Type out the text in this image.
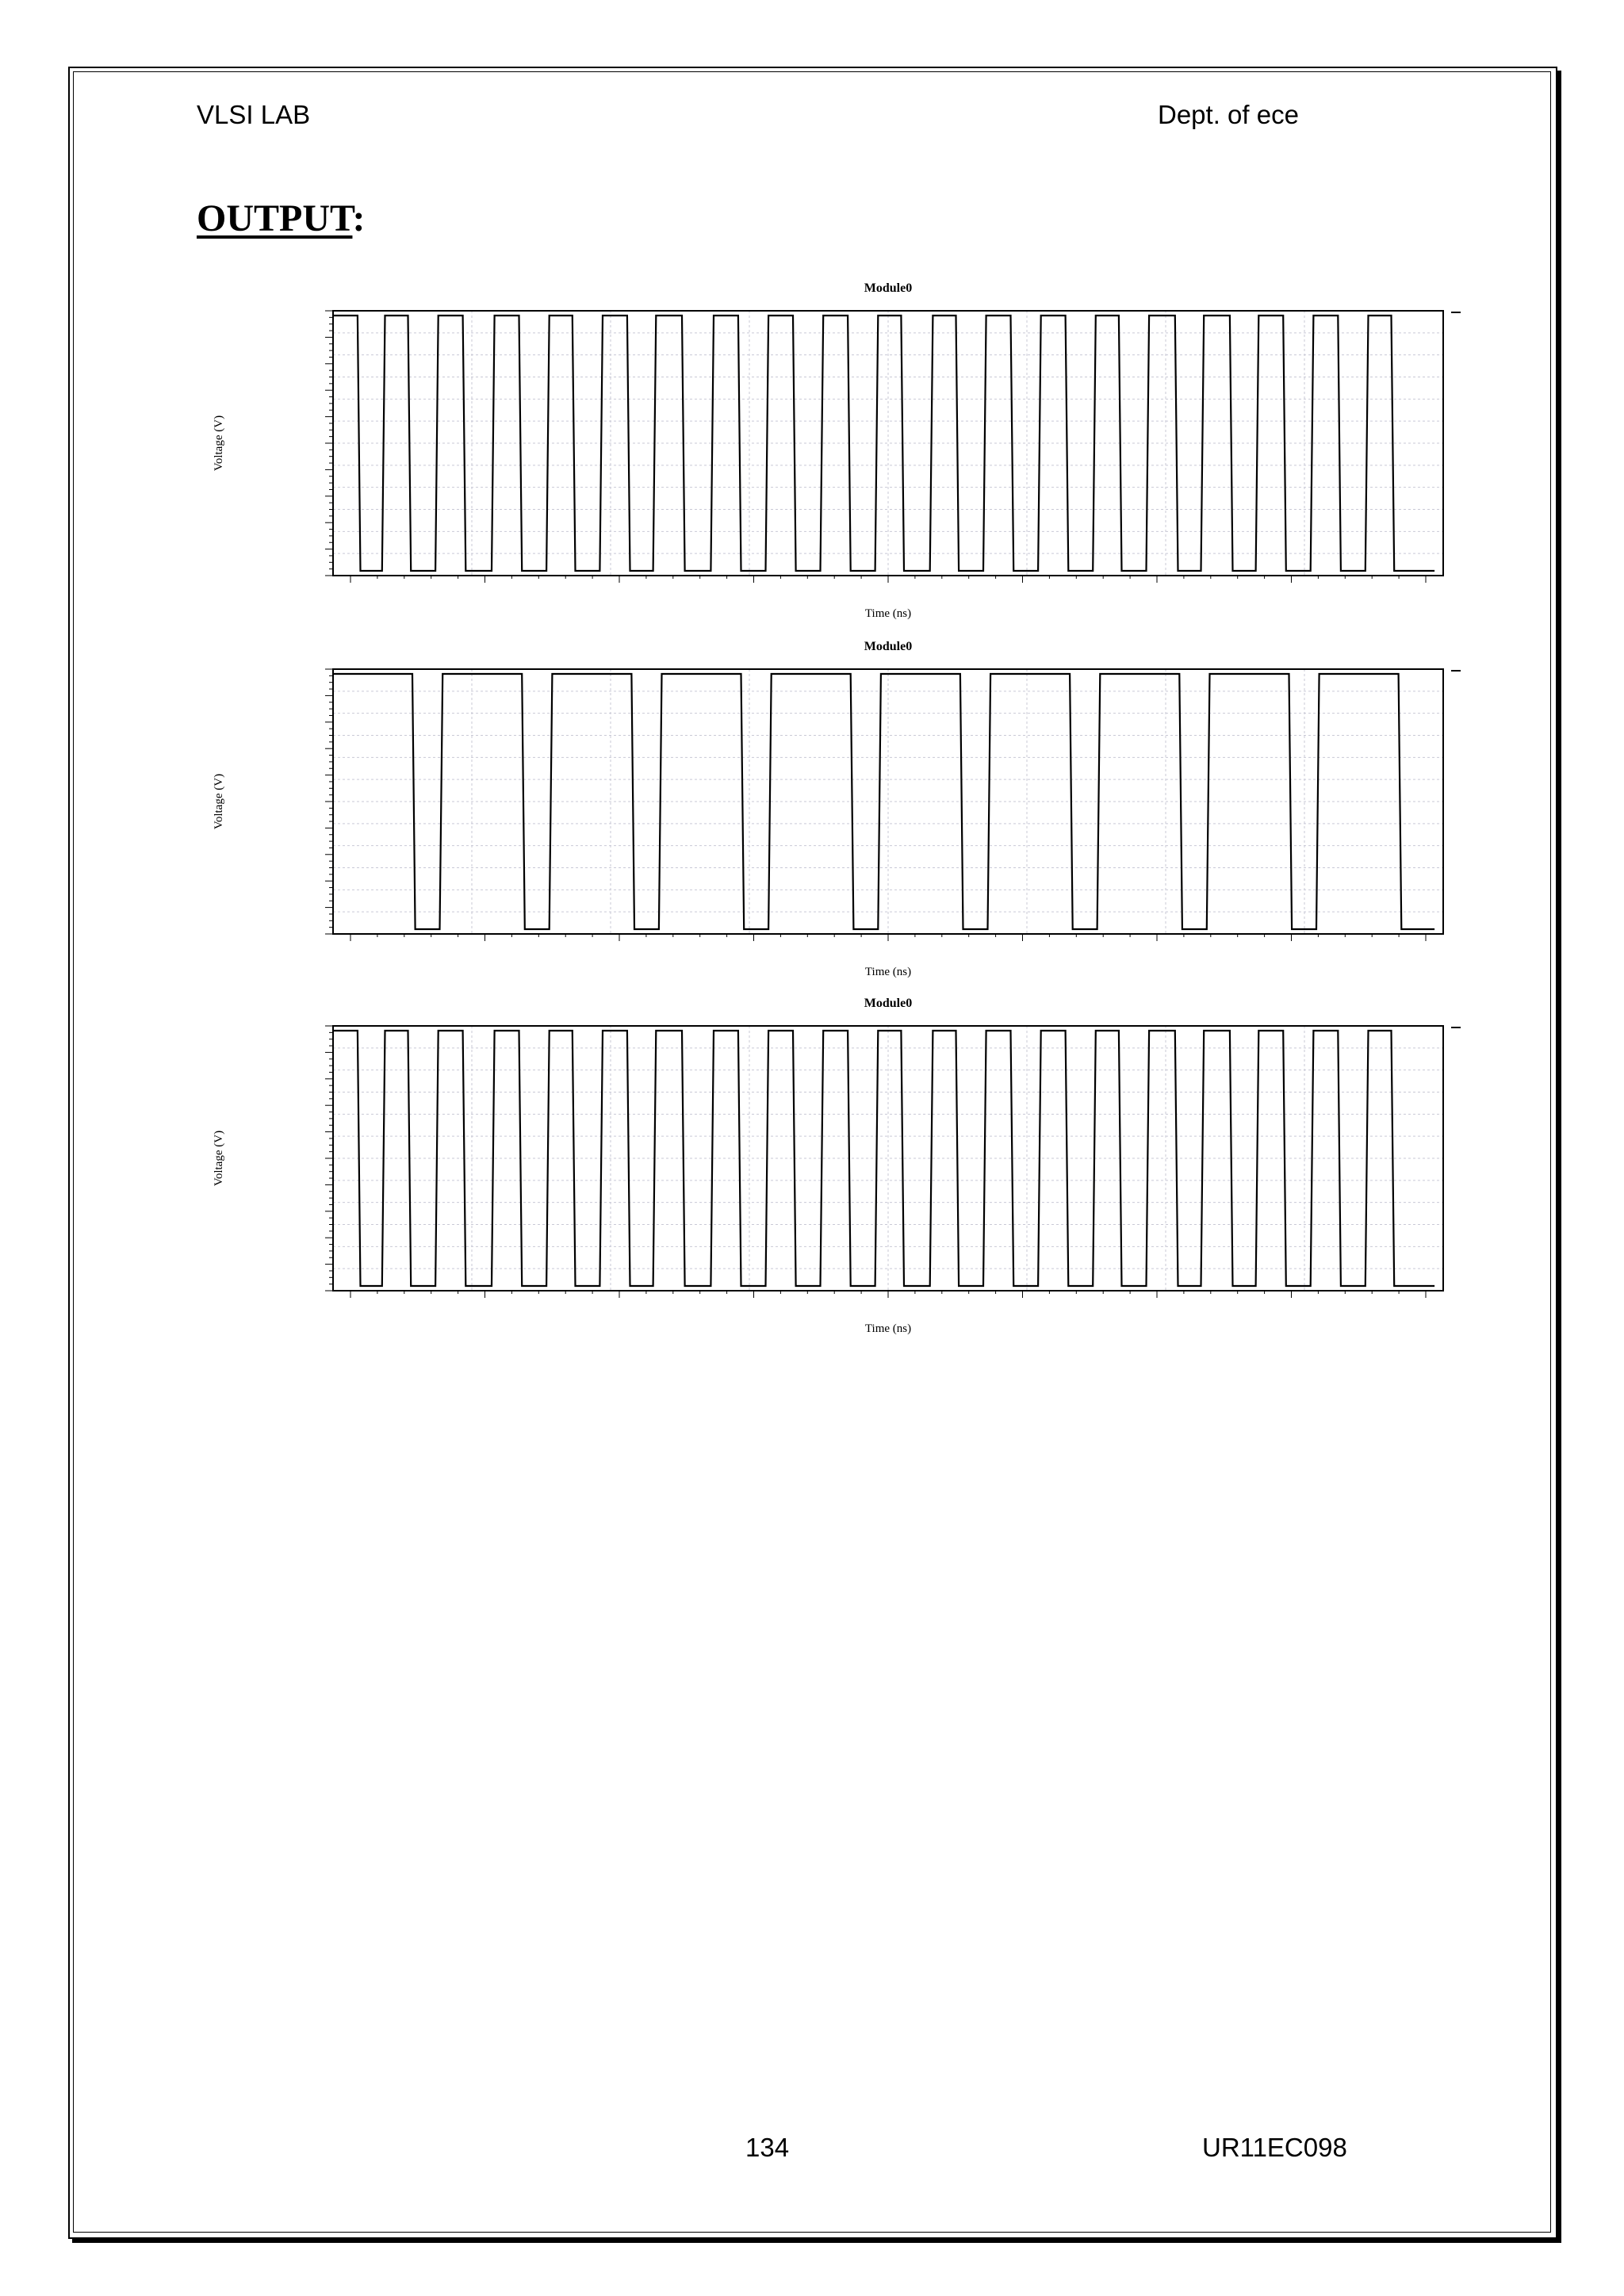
VLSI LAB	Dept. of ece
OUTPUT:
Module0
Time (ns)
Voltage (V)
Module0
Time (ns)
Voltage (V)
Module0
Time (ns)
Voltage (V)
134	UR11EC098
